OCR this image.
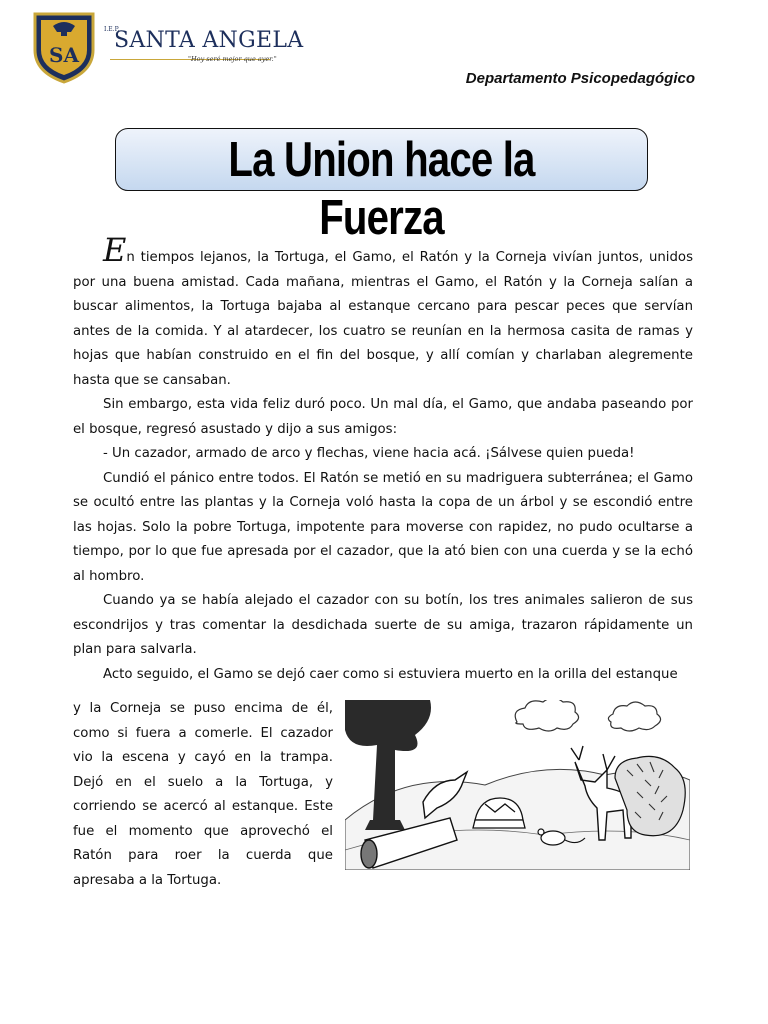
SA
I.E.P.
SANTA ANGELA
"Hoy seré mejor que ayer."
Departamento Psicopedagógico
La Union hace la Fuerza

En tiempos lejanos, la Tortuga, el Gamo, el Ratón y la Corneja vivían juntos, unidos por una buena amistad. Cada mañana, mientras el Gamo, el Ratón y la Corneja salían a buscar alimentos, la Tortuga bajaba al estanque cercano para pescar peces que servían antes de la comida. Y al atardecer, los cuatro se reunían en la hermosa casita de ramas y hojas que habían construido en el fin del bosque, y allí comían y charlaban alegremente hasta que se cansaban.

Sin embargo, esta vida feliz duró poco. Un mal día, el Gamo, que andaba paseando por el bosque, regresó asustado y dijo a sus amigos:

- Un cazador, armado de arco y flechas, viene hacia acá. ¡Sálvese quien pueda!

Cundió el pánico entre todos. El Ratón se metió en su madriguera subterránea; el Gamo se ocultó entre las plantas y la Corneja voló hasta la copa de un árbol y se escondió entre las hojas. Solo la pobre Tortuga, impotente para moverse con rapidez, no pudo ocultarse a tiempo, por lo que fue apresada por el cazador, que la ató bien con una cuerda y se la echó al hombro.

Cuando ya se había alejado el cazador con su botín, los tres animales salieron de sus escondrijos y tras comentar la desdichada suerte de su amiga, trazaron rápidamente un plan para salvarla.

Acto seguido, el Gamo se dejó caer como si estuviera muerto en la orilla del estanque

y la Corneja se puso encima de él, como si fuera a comerle. El cazador vio la escena y cayó en la trampa. Dejó en el suelo a la Tortuga, y corriendo se acercó al estanque. Este fue el momento que aprovechó el Ratón para roer la cuerda que apresaba a la Tortuga.
